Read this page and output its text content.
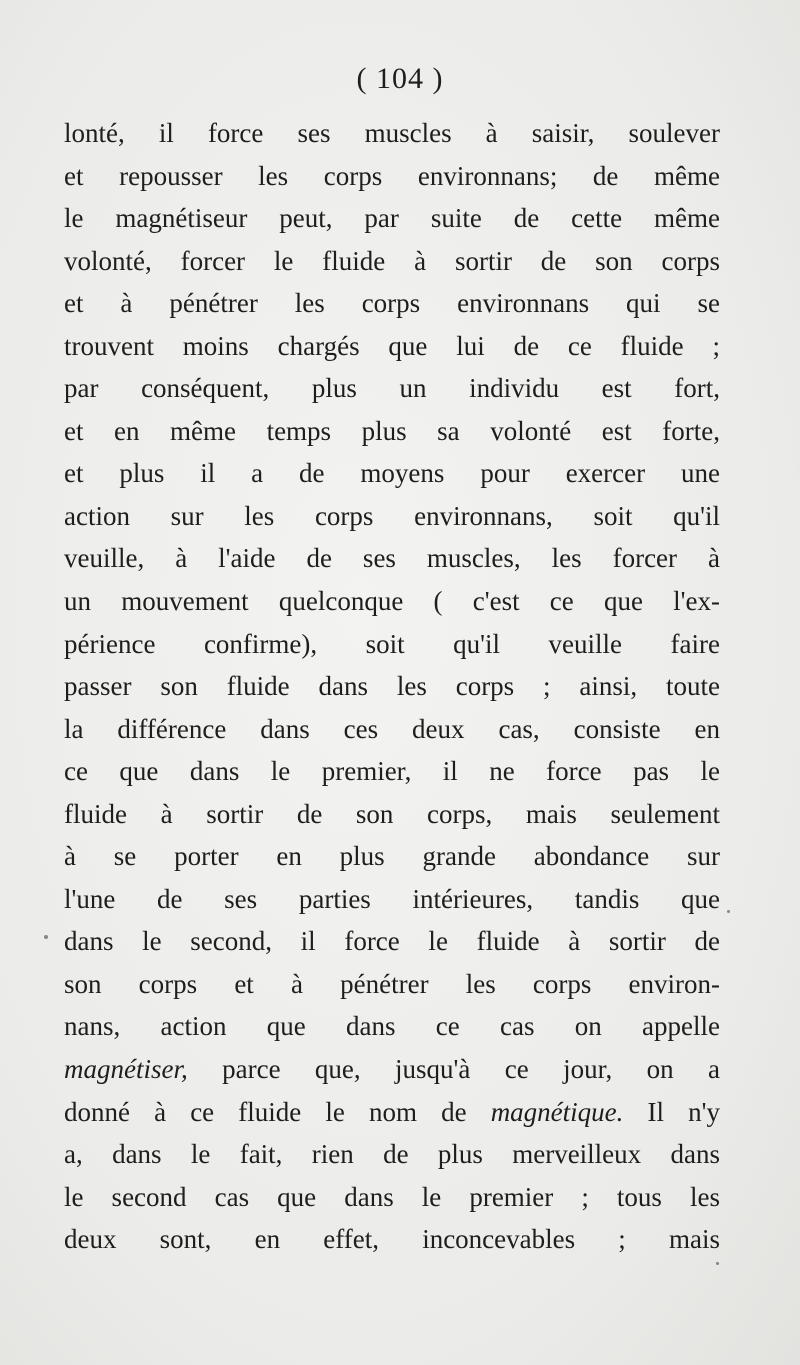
( 104 )
lonté, il force ses muscles à saisir, soulever
et repousser les corps environnans; de même
le magnétiseur peut, par suite de cette même
volonté, forcer le fluide à sortir de son corps
et à pénétrer les corps environnans qui se
trouvent moins chargés que lui de ce fluide ;
par conséquent, plus un individu est fort,
et en même temps plus sa volonté est forte,
et plus il a de moyens pour exercer une
action sur les corps environnans, soit qu'il
veuille, à l'aide de ses muscles, les forcer à
un mouvement quelconque ( c'est ce que l'ex-
périence confirme), soit qu'il veuille faire
passer son fluide dans les corps ; ainsi, toute
la différence dans ces deux cas, consiste en
ce que dans le premier, il ne force pas le
fluide à sortir de son corps, mais seulement
à se porter en plus grande abondance sur
l'une de ses parties intérieures, tandis que
dans le second, il force le fluide à sortir de
son corps et à pénétrer les corps environ-
nans, action que dans ce cas on appelle
magnétiser, parce que, jusqu'à ce jour, on a
donné à ce fluide le nom de magnétique. Il n'y
a, dans le fait, rien de plus merveilleux dans
le second cas que dans le premier ; tous les
deux sont, en effet, inconcevables ; mais
